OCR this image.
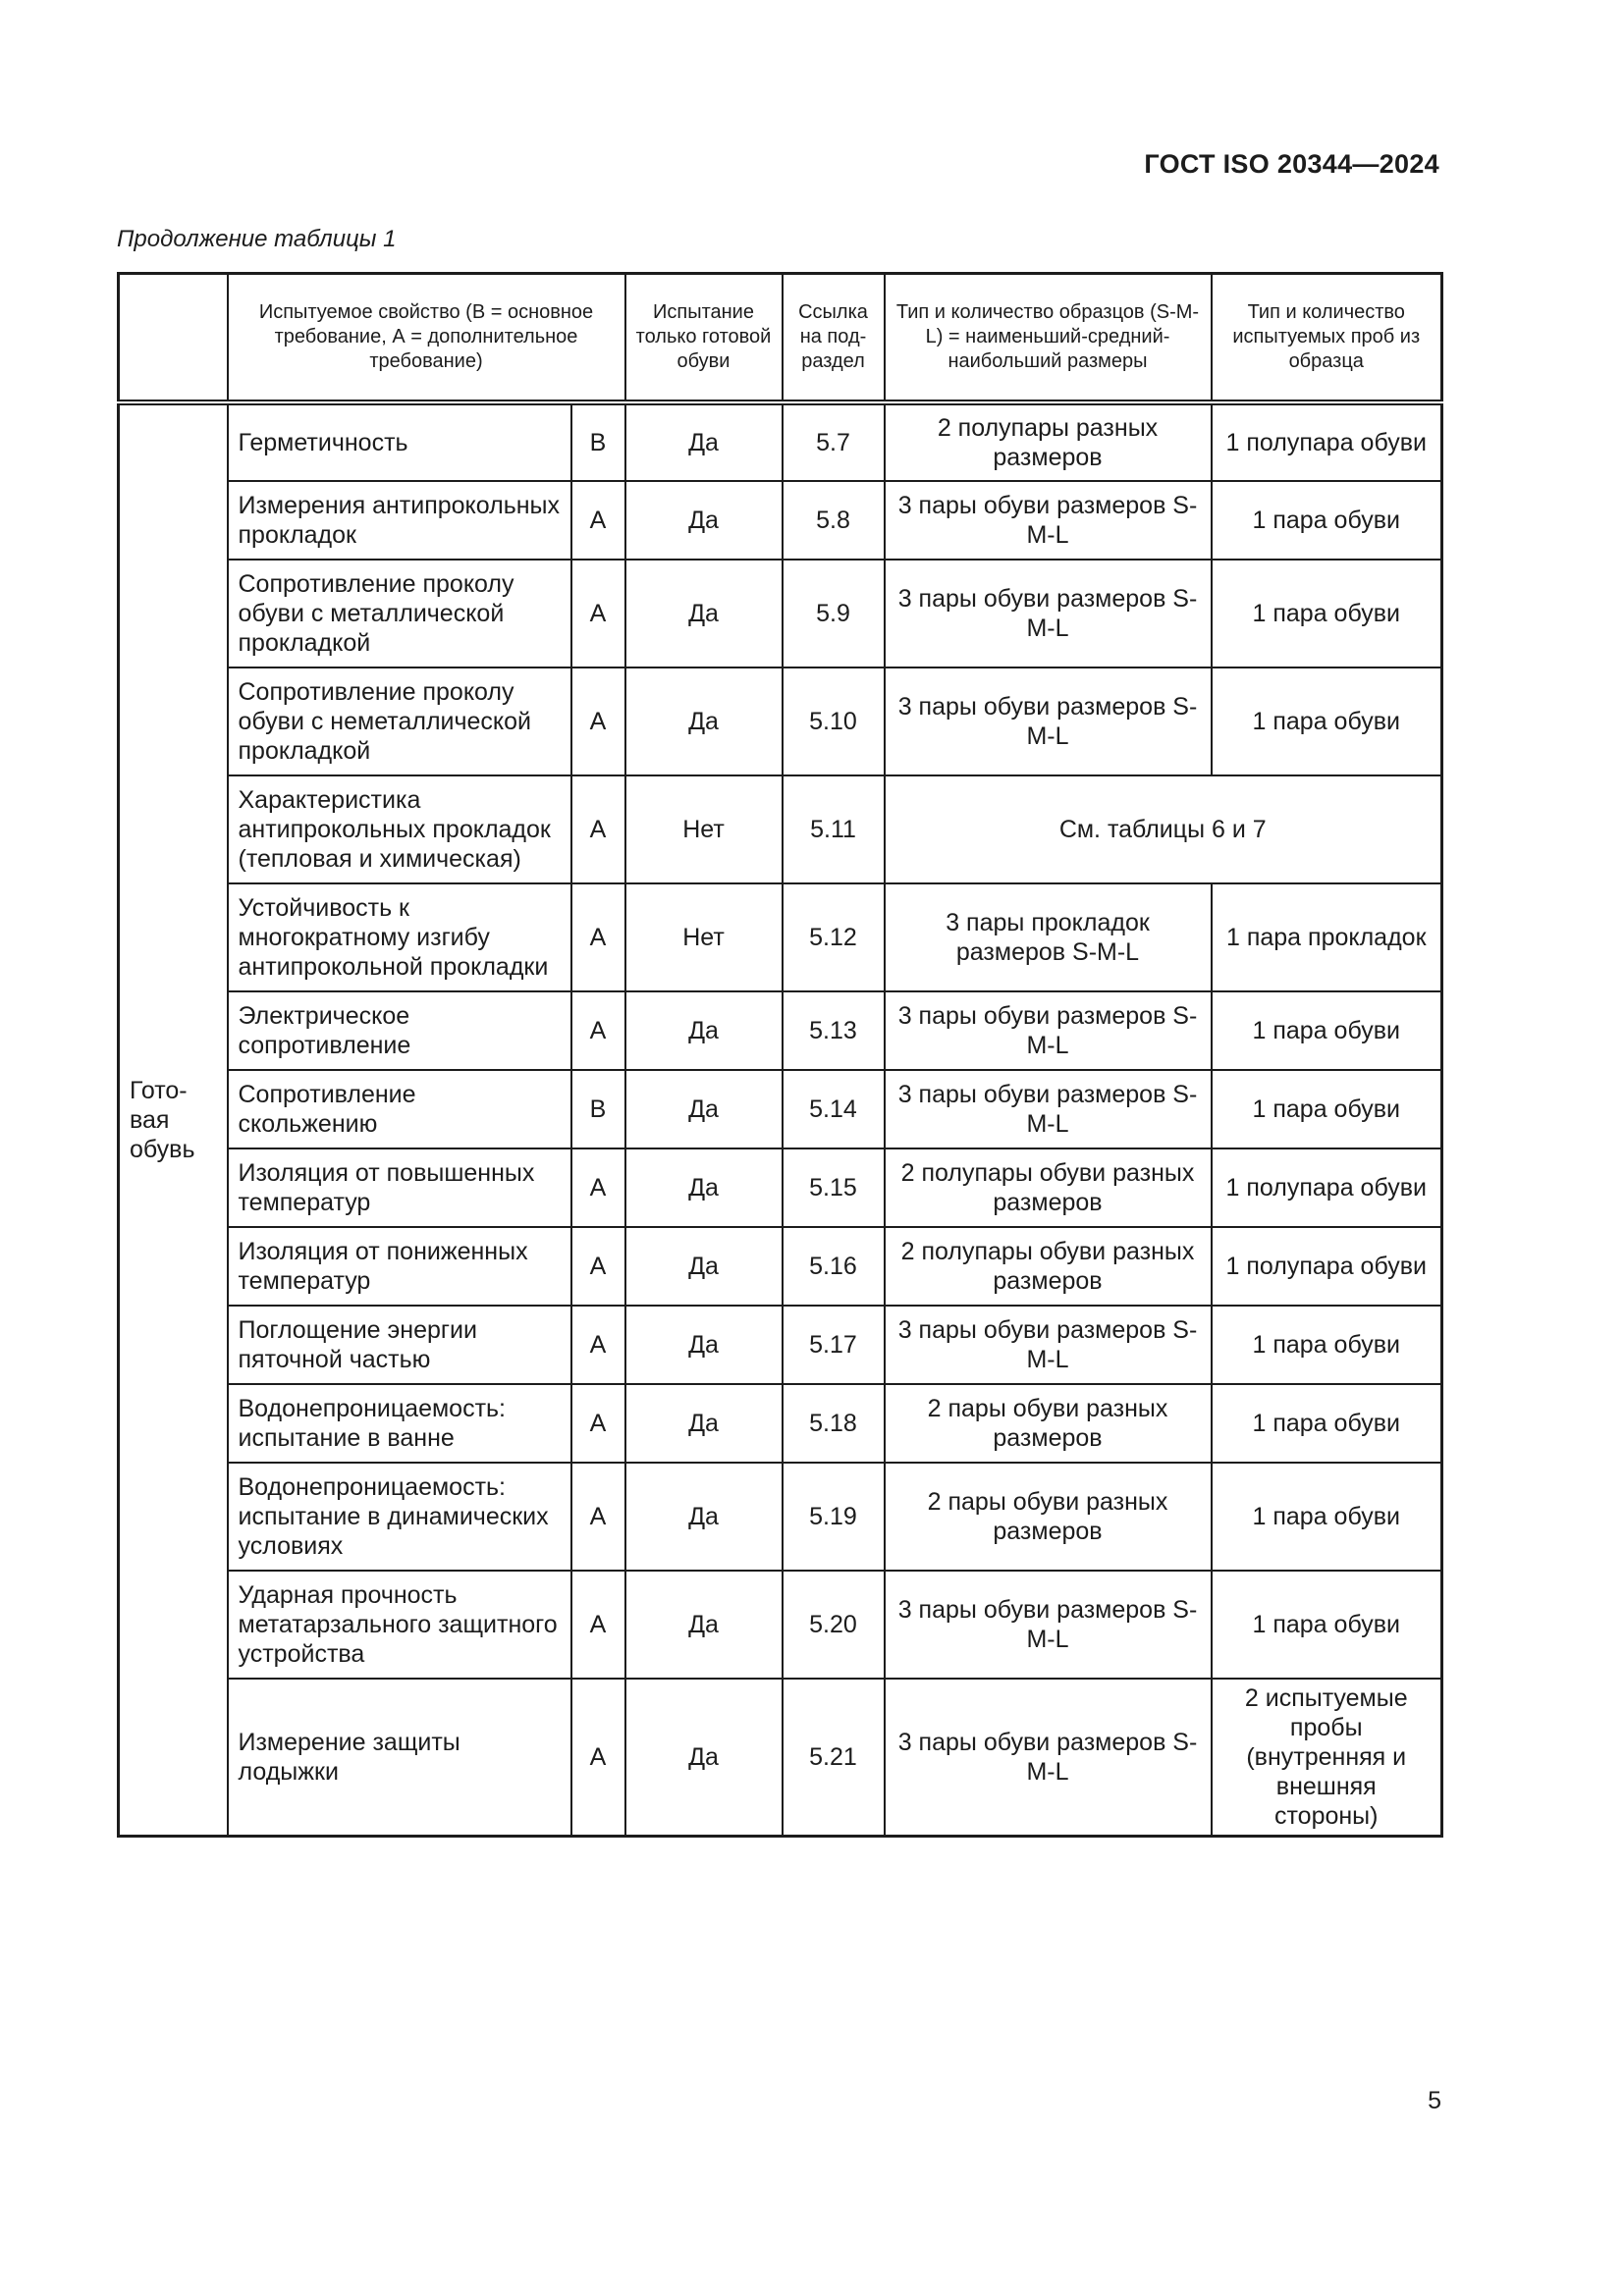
ГОСТ ISO 20344—2024
Продолжение таблицы 1
	Испытуемое свойство (В = основное требование, А = дополнительное требование)		Испытание только готовой обуви	Ссылка на под-раздел	Тип и количество образцов (S-M-L) = наименьший-средний-наибольший размеры	Тип и количество испытуемых проб из образца
Гото-
вая
обувь	Герметичность	В	Да	5.7	2 полупары разных размеров	1 полупара обуви
	Измерения антипрокольных прокладок	А	Да	5.8	3 пары обуви размеров S-M-L	1 пара обуви
	Сопротивление проколу обуви с металлической прокладкой	А	Да	5.9	3 пары обуви размеров S-M-L	1 пара обуви
	Сопротивление проколу обуви с неметаллической прокладкой	А	Да	5.10	3 пары обуви размеров S-M-L	1 пара обуви
	Характеристика антипрокольных прокладок (тепловая и химическая)	А	Нет	5.11	См. таблицы 6 и 7	
	Устойчивость к многократному изгибу антипрокольной прокладки	А	Нет	5.12	3 пары прокладок размеров S-M-L	1 пара прокладок
	Электрическое сопротивление	А	Да	5.13	3 пары обуви размеров S-M-L	1 пара обуви
	Сопротивление скольжению	В	Да	5.14	3 пары обуви размеров S-M-L	1 пара обуви
	Изоляция от повышенных температур	А	Да	5.15	2 полупары обуви разных размеров	1 полупара обуви
	Изоляция от пониженных температур	А	Да	5.16	2 полупары обуви разных размеров	1 полупара обуви
	Поглощение энергии пяточной частью	А	Да	5.17	3 пары обуви размеров S-M-L	1 пара обуви
	Водонепроницаемость: испытание в ванне	А	Да	5.18	2 пары обуви разных размеров	1 пара обуви
	Водонепроницаемость: испытание в динамических условиях	А	Да	5.19	2 пары обуви разных размеров	1 пара обуви
	Ударная прочность метатарзального защитного устройства	А	Да	5.20	3 пары обуви размеров S-M-L	1 пара обуви
	Измерение защиты лодыжки	А	Да	5.21	3 пары обуви размеров S-M-L	2 испытуемые пробы (внутренняя и внешняя стороны)
5
